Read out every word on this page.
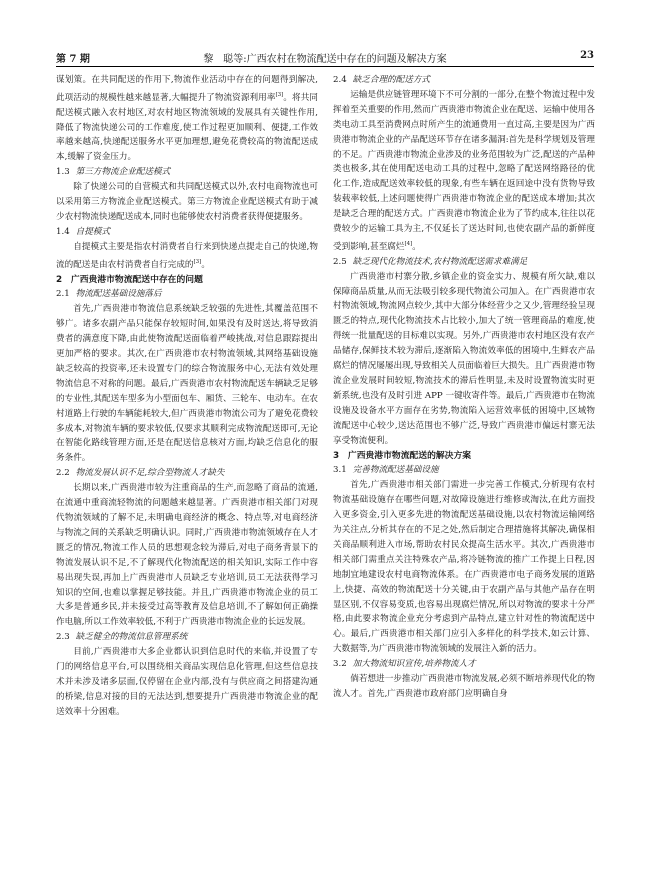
第 7 期	黎　聪等:广西农村在物流配送中存在的问题及解决方案	23

谋划策。在共同配送的作用下,物流作业活动中存在的问题得到解决,此项活动的规模性越来越显著,大幅提升了物流资源利用率[3]。将共同配送模式融入农村地区,对农村地区物流领域的发展具有关键性作用,降低了物流快递公司的工作难度,使工作过程更加顺利、便捷,工作效率越来越高,快递配送服务水平更加理想,避免花费较高的物流配送成本,缓解了资金压力。

1.3 第三方物流企业配送模式

除了快递公司的自营模式和共同配送模式以外,农村电商物流也可以采用第三方物流企业配送模式。第三方物流企业配送模式有助于减少农村物流快递配送成本,同时也能够使农村消费者获得便捷服务。

1.4 自提模式

自提模式主要是指农村消费者自行来到快递点提走自己的快递,物流的配送是由农村消费者自行完成的[3]。

2　广西贵港市物流配送中存在的问题
2.1 物流配送基础设施落后

首先,广西贵港市物流信息系统缺乏较强的先进性,其覆盖范围不够广。诸多农副产品只能保存较短时间,如果没有及时送达,将导致消费者的满意度下降,由此使物流配送面临着严峻挑战,对信息跟踪提出更加严格的要求。其次,在广西贵港市农村物流领域,其网络基础设施缺乏较高的投资率,还未设置专门的综合物流服务中心,无法有效处理物流信息不对称的问题。最后,广西贵港市农村物流配送车辆缺乏足够的专业性,其配送车型多为小型面包车、厢货、三轮车、电动车。在农村道路上行驶的车辆能耗较大,但广西贵港市物流公司为了避免花费较多成本,对物流车辆的要求较低,仅要求其顺利完成物流配送即可,无论在智能化路线管理方面,还是在配送信息核对方面,均缺乏信息化的服务条件。

2.2 物流发展认识不足,综合型物流人才缺失

长期以来,广西贵港市较为注重商品的生产,而忽略了商品的流通,在流通中重商流轻物流的问题越来越显著。广西贵港市相关部门对现代物流领域的了解不足,未明确电商经济的概念、特点等,对电商经济与物流之间的关系缺乏明确认识。同时,广西贵港市物流领域存在人才匮乏的情况,物流工作人员的思想观念较为滞后,对电子商务背景下的物流发展认识不足,不了解现代化物流配送的相关知识,实际工作中容易出现失误,再加上广西贵港市人员缺乏专业培训,员工无法获得学习知识的空间,也难以掌握足够技能。并且,广西贵港市物流企业的员工大多是普通乡民,并未接受过高等教育及信息培训,不了解如何正确操作电脑,所以工作效率较低,不利于广西贵港市物流企业的长远发展。

2.3 缺乏健全的物流信息管理系统

目前,广西贵港市大多企业都认识到信息时代的来临,并设置了专门的网络信息平台,可以围绕相关商品实现信息化管理,但这些信息技术并未涉及诸多层面,仅停留在企业内部,没有与供应商之间搭建沟通的桥梁,信息对接的目的无法达到,想要提升广西贵港市物流企业的配送效率十分困难。

2.4 缺乏合理的配送方式

运输是供应链管理环境下不可分割的一部分,在整个物流过程中发挥着至关重要的作用,然而广西贵港市物流企业在配送、运输中使用各类电动工具至消费网点时所产生的流通费用一直过高,主要是因为广西贵港市物流企业的产品配送环节存在诸多漏洞:首先是科学规划及管理的不足。广西贵港市物流企业涉及的业务范围较为广泛,配送的产品种类也极多,其在使用配送电动工具的过程中,忽略了配送网络路径的优化工作,造成配送效率较低的现象,有些车辆在返回途中没有货物导致装载率较低,上述问题使得广西贵港市物流企业的配送成本增加;其次是缺乏合理的配送方式。广西贵港市物流企业为了节约成本,往往以花费较少的运输工具为主,不仅延长了送达时间,也使农副产品的新鲜度受到影响,甚至腐烂[4]。

2.5 缺乏现代化物流技术,农村物流配送需求难满足

广西贵港市村寨分散,乡镇企业的资金实力、规模有所欠缺,难以保障商品质量,从而无法吸引较多现代物流公司加入。在广西贵港市农村物流领域,物流网点较少,其中大部分体经营少之又少,管理经验呈现匮乏的特点,现代化物流技术占比较小,加大了统一管理商品的难度,使得统一批量配送的目标难以实现。另外,广西贵港市农村地区没有农产品储存,保鲜技术较为滞后,逐渐陷入物流效率低的困境中,生鲜农产品腐烂的情况屡屡出现,导致相关人员面临着巨大损失。且广西贵港市物流企业发展时间较短,物流技术的滞后性明显,未及时设置物流实时更新系统,也没有及时引进 APP 一键收寄件等。最后,广西贵港市在物流设施及设备水平方面存在劣势,物流陷入运营效率低的困境中,区域物流配送中心较少,送达范围也不够广泛,导致广西贵港市偏远村寨无法享受物流便利。

3　广西贵港市物流配送的解决方案
3.1 完善物流配送基础设施

首先,广西贵港市相关部门需进一步完善工作模式,分析现有农村物流基础设施存在哪些问题,对故障设施进行维修或淘汰,在此方面投入更多资金,引入更多先进的物流配送基础设施,以农村物流运输网络为关注点,分析其存在的不足之处,然后制定合理措施将其解决,确保相关商品顺利进入市场,帮助农村民众提高生活水平。其次,广西贵港市相关部门需重点关注特殊农产品,将冷链物流的推广工作提上日程,因地制宜地建设农村电商物流体系。在广西贵港市电子商务发展的道路上,快捷、高效的物流配送十分关键,由于农副产品与其他产品存在明显区别,不仅容易变质,也容易出现腐烂情况,所以对物流的要求十分严格,由此要求物流企业充分考虑到产品特点,建立针对性的物流配送中心。最后,广西贵港市相关部门应引入多样化的科学技术,如云计算、大数据等,为广西贵港市物流领域的发展注入新的活力。

3.2 加大物流知识宣传,培养物流人才

倘若想进一步推动广西贵港市物流发展,必须不断培养现代化的物流人才。首先,广西贵港市政府部门应明确自身
